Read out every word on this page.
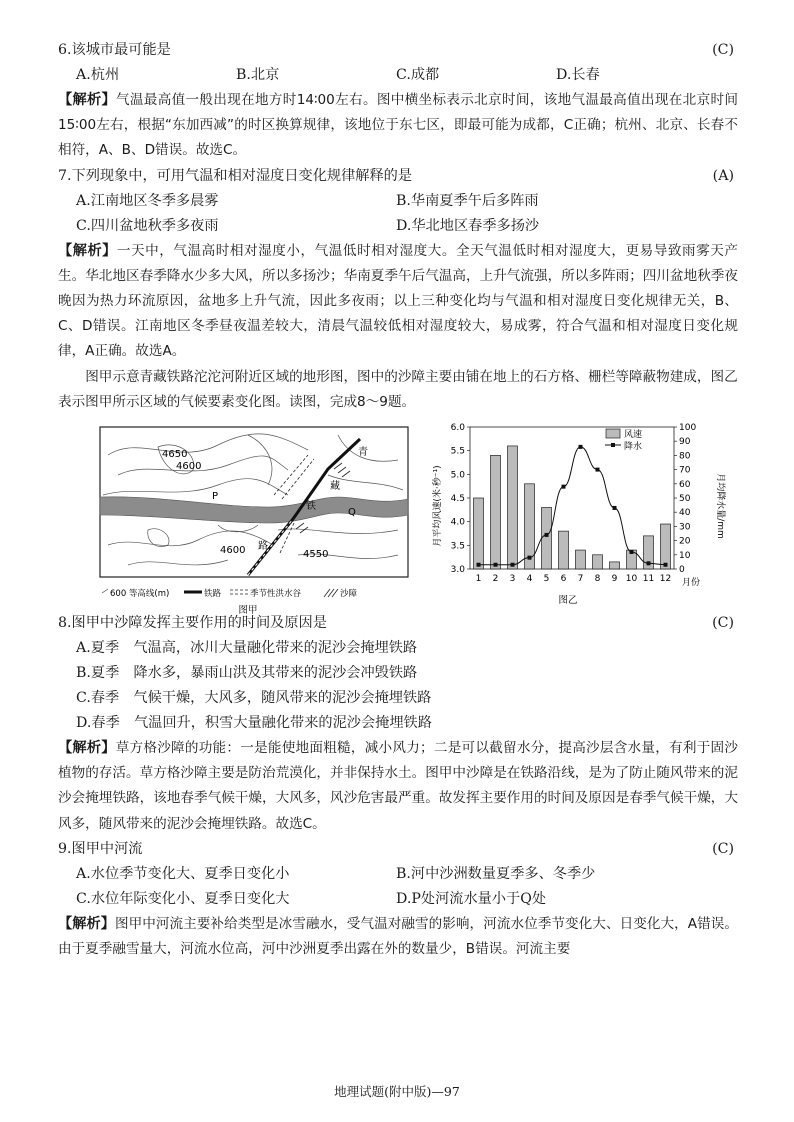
6.该城市最可能是	(C)
A.杭州	B.北京	C.成都	D.长春
【解析】气温最高值一般出现在地方时14∶00左右。图中横坐标表示北京时间，该地气温最高值出现在北京时间15∶00左右，根据“东加西减”的时区换算规律，该地位于东七区，即最可能为成都，C正确；杭州、北京、长春不相符，A、B、D错误。故选C。
7.下列现象中，可用气温和相对湿度日变化规律解释的是	(A)
A.江南地区冬季多晨雾	B.华南夏季午后多阵雨
C.四川盆地秋季多夜雨	D.华北地区春季多扬沙
【解析】一天中，气温高时相对湿度小，气温低时相对湿度大。全天气温低时相对湿度大，更易导致雨雾天产生。华北地区春季降水少多大风，所以多扬沙；华南夏季午后气温高，上升气流强，所以多阵雨；四川盆地秋季夜晚因为热力环流原因，盆地多上升气流，因此多夜雨；以上三种变化均与气温和相对湿度日变化规律无关，B、C、D错误。江南地区冬季昼夜温差较大，清晨气温较低相对湿度较大，易成雾，符合气温和相对湿度日变化规律，A正确。故选A。
图甲示意青藏铁路沱沱河附近区域的地形图，图中的沙障主要由铺在地上的石方格、栅栏等障蔽物建成，图乙表示图甲所示区域的气候要素变化图。读图，完成8～9题。
4650
4600
4600	4550
P
Q
青
藏
铁
路
600 等高线(m)	铁路	季节性洪水谷	沙障
图甲
月平均风速(米·秒⁻¹)	月均降水量/mm
月份
图乙
风速
降水
3.0
3.5
4.0
4.5
5.0
5.5
6.0
0
10
20
30
40
50
60
70
80
90
100
1 2 3 4 5 6 7 8 9 10 11 12
8.图甲中沙障发挥主要作用的时间及原因是	(C)
A.夏季　气温高，冰川大量融化带来的泥沙会掩埋铁路
B.夏季　降水多，暴雨山洪及其带来的泥沙会冲毁铁路
C.春季　气候干燥，大风多，随风带来的泥沙会掩埋铁路
D.春季　气温回升，积雪大量融化带来的泥沙会掩埋铁路
【解析】草方格沙障的功能：一是能使地面粗糙，减小风力；二是可以截留水分，提高沙层含水量，有利于固沙植物的存活。草方格沙障主要是防治荒漠化，并非保持水土。图甲中沙障是在铁路沿线，是为了防止随风带来的泥沙会掩埋铁路，该地春季气候干燥，大风多，风沙危害最严重。故发挥主要作用的时间及原因是春季气候干燥，大风多，随风带来的泥沙会掩埋铁路。故选C。
9.图甲中河流	(C)
A.水位季节变化大、夏季日变化小	B.河中沙洲数量夏季多、冬季少
C.水位年际变化小、夏季日变化大	D.P处河流水量小于Q处
【解析】图甲中河流主要补给类型是冰雪融水，受气温对融雪的影响，河流水位季节变化大、日变化大，A错误。由于夏季融雪量大，河流水位高，河中沙洲夏季出露在外的数量少，B错误。河流主要
地理试题(附中版)—97
